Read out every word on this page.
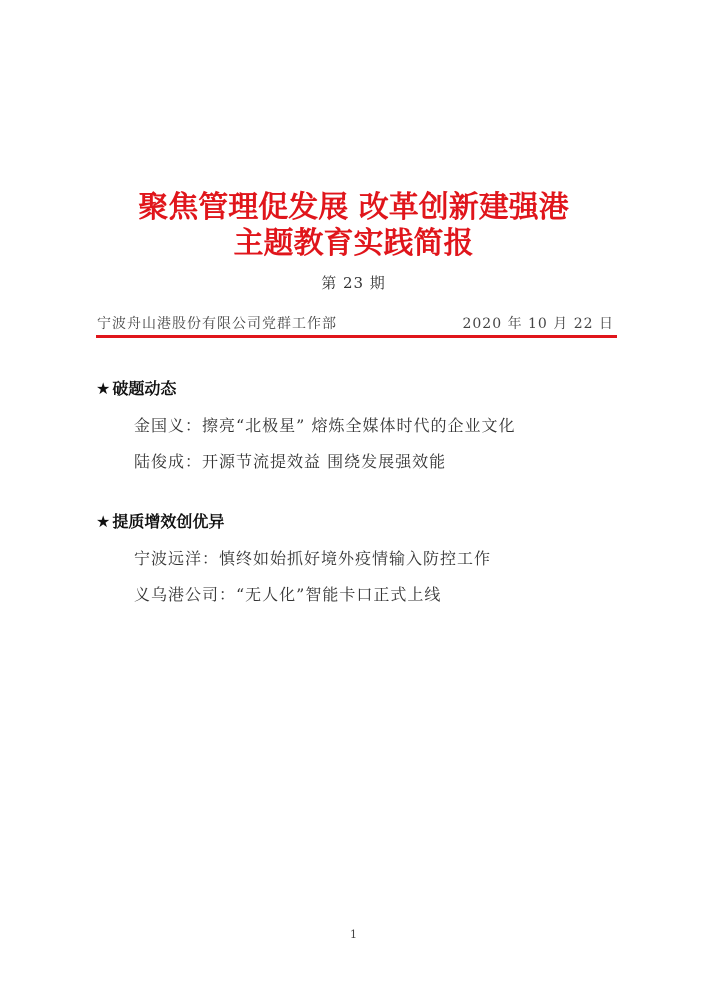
聚焦管理促发展 改革创新建强港
主题教育实践简报
第 23 期
宁波舟山港股份有限公司党群工作部	2020 年 10 月 22 日
★ 破题动态
金国义：擦亮“北极星” 熔炼全媒体时代的企业文化
陆俊成：开源节流提效益 围绕发展强效能
★ 提质增效创优异
宁波远洋：慎终如始抓好境外疫情输入防控工作
义乌港公司：“无人化”智能卡口正式上线
1
